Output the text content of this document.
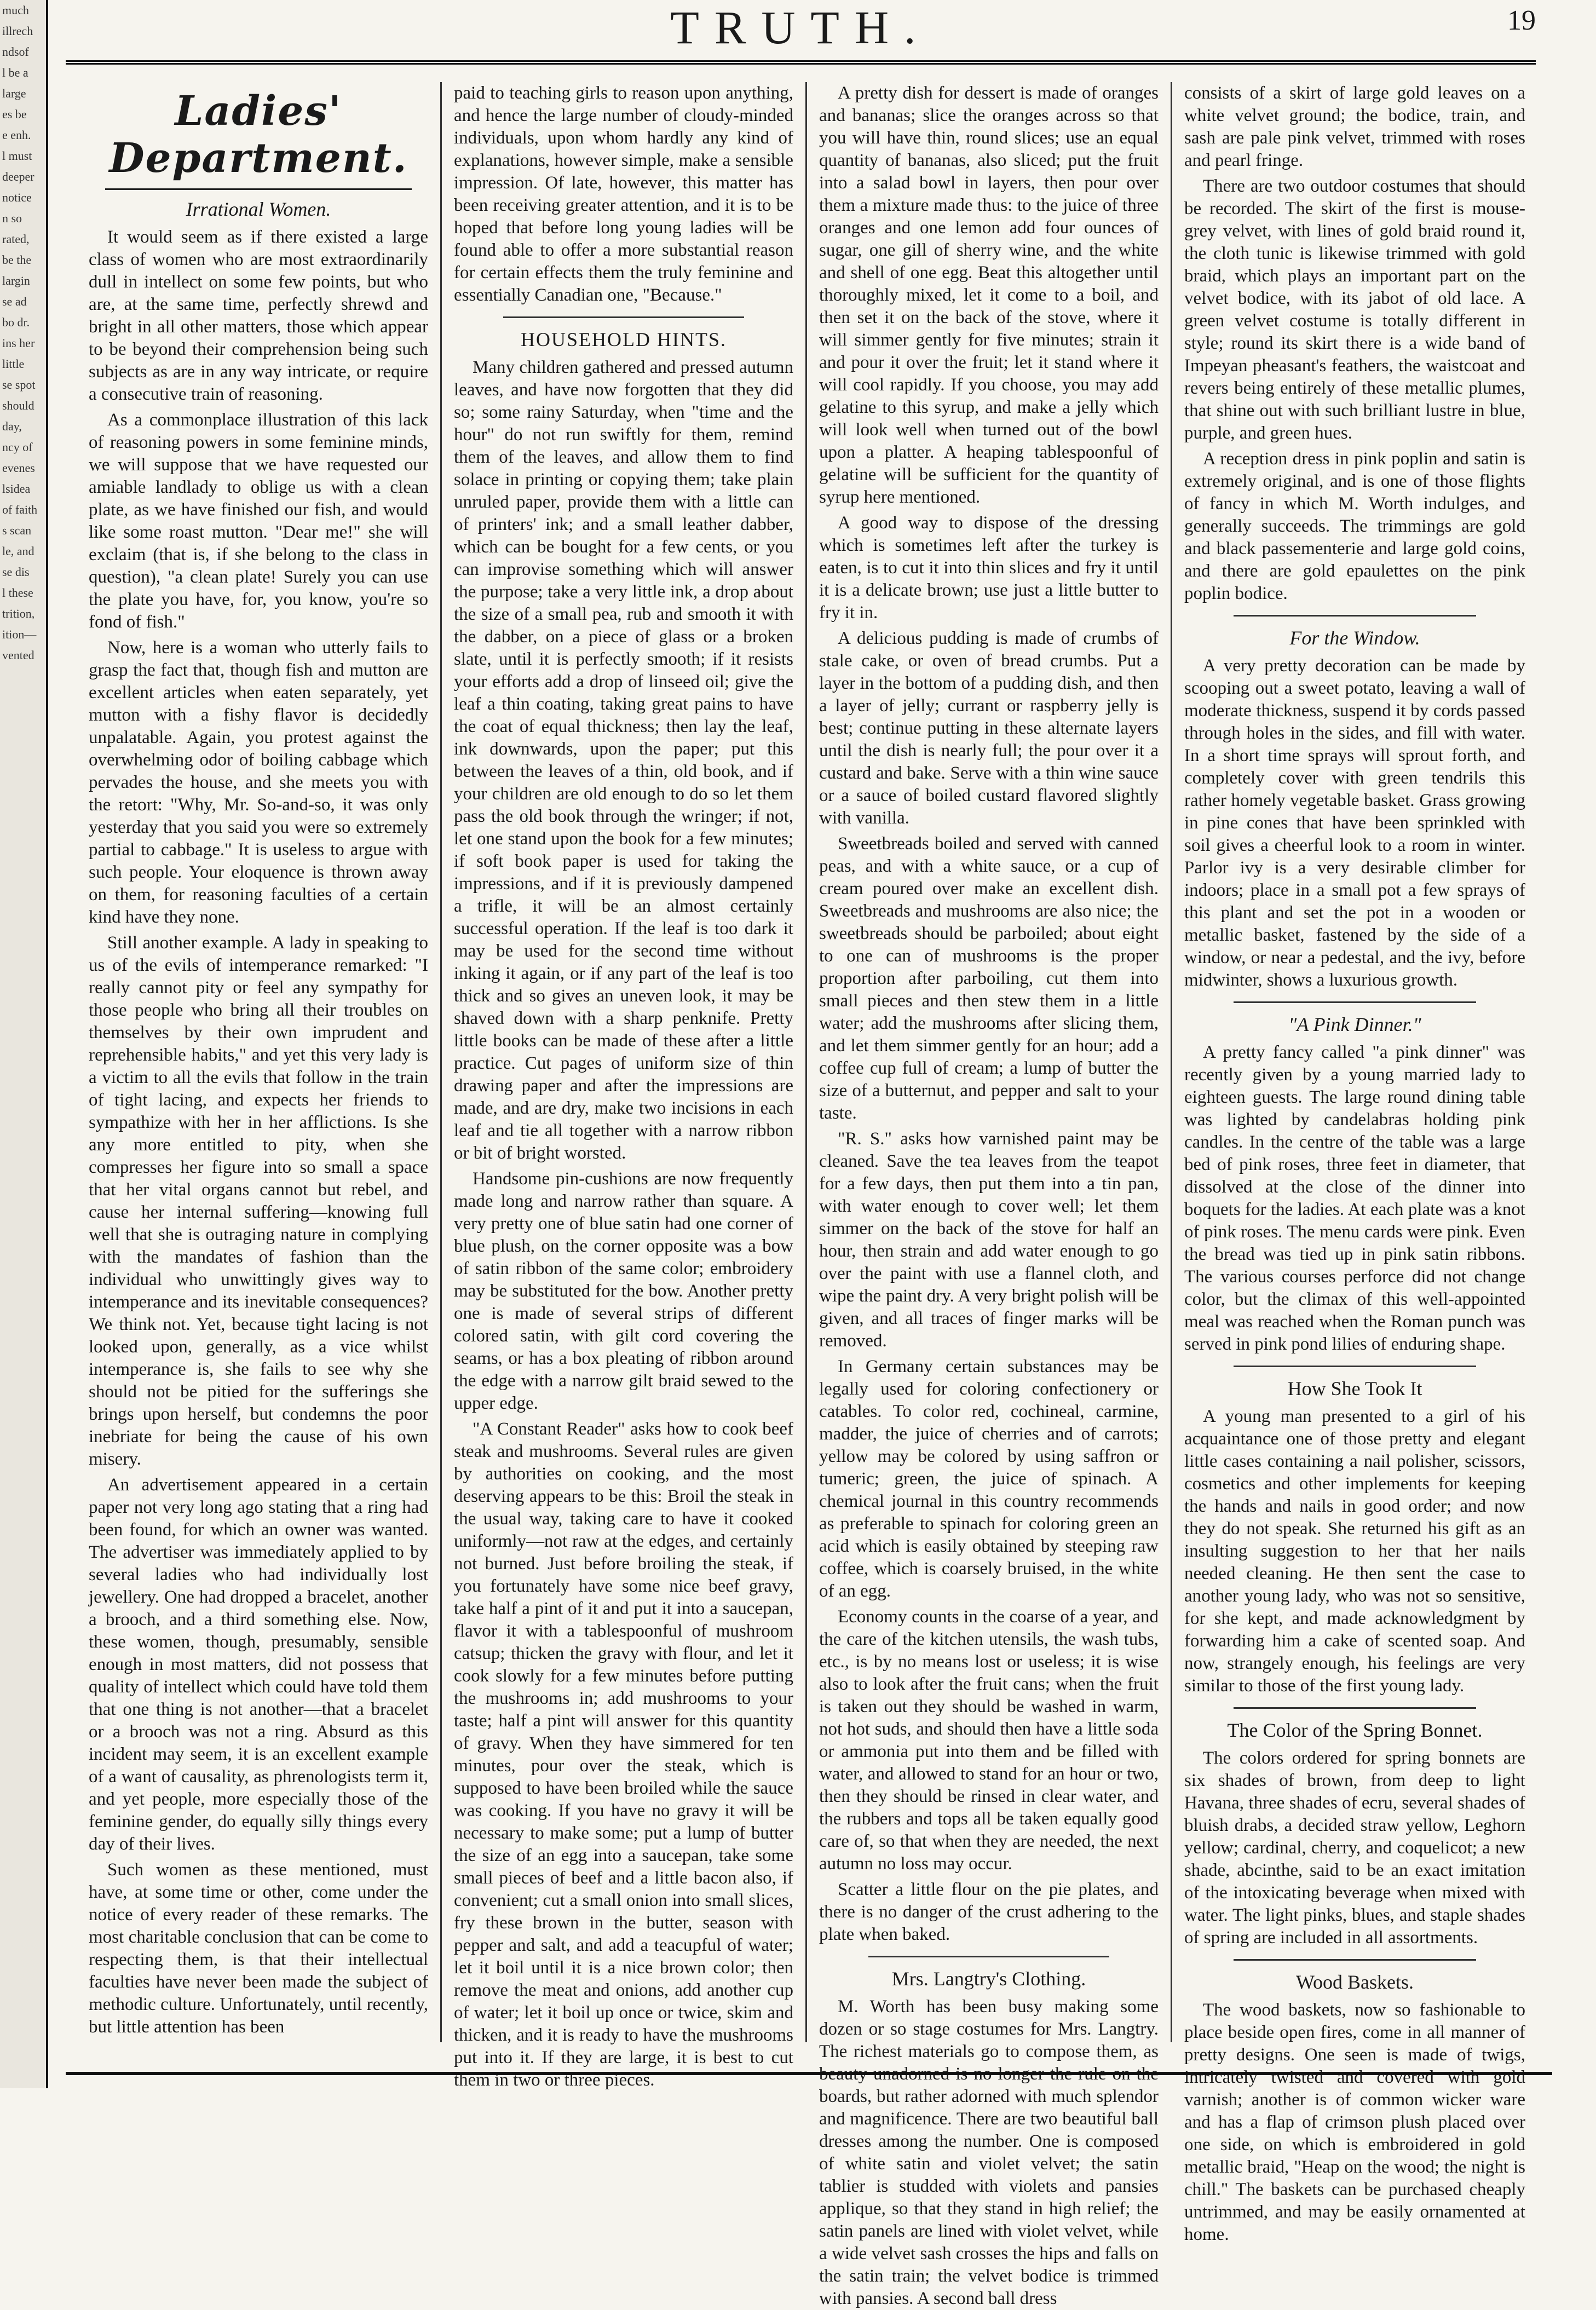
much
illrech
ndsof
l be a
large
es be
e enh.
l must
deeper
notice
n so
rated,
be the
largin
se ad
bo dr.
ins her
little
se spot
should
day,
ncy of
evenes
lsidea
of faith
s scan
le, and
se dis
l these
trition,
ition—
vented
TRUTH.	19
Ladies' Department.
Irrational Women.

It would seem as if there existed a large class of women who are most extraordinarily dull in intellect on some few points, but who are, at the same time, perfectly shrewd and bright in all other matters, those which appear to be beyond their comprehension being such subjects as are in any way intricate, or require a consecutive train of reasoning.

As a commonplace illustration of this lack of reasoning powers in some feminine minds, we will suppose that we have requested our amiable landlady to oblige us with a clean plate, as we have finished our fish, and would like some roast mutton. "Dear me!" she will exclaim (that is, if she belong to the class in question), "a clean plate! Surely you can use the plate you have, for, you know, you're so fond of fish."

Now, here is a woman who utterly fails to grasp the fact that, though fish and mutton are excellent articles when eaten separately, yet mutton with a fishy flavor is decidedly unpalatable. Again, you protest against the overwhelming odor of boiling cabbage which pervades the house, and she meets you with the retort: "Why, Mr. So-and-so, it was only yesterday that you said you were so extremely partial to cabbage." It is useless to argue with such people. Your eloquence is thrown away on them, for reasoning faculties of a certain kind have they none.

Still another example. A lady in speaking to us of the evils of intemperance remarked: "I really cannot pity or feel any sympathy for those people who bring all their troubles on themselves by their own imprudent and reprehensible habits," and yet this very lady is a victim to all the evils that follow in the train of tight lacing, and expects her friends to sympathize with her in her afflictions. Is she any more entitled to pity, when she compresses her figure into so small a space that her vital organs cannot but rebel, and cause her internal suffering—knowing full well that she is outraging nature in complying with the mandates of fashion than the individual who unwittingly gives way to intemperance and its inevitable consequences? We think not. Yet, because tight lacing is not looked upon, generally, as a vice whilst intemperance is, she fails to see why she should not be pitied for the sufferings she brings upon herself, but condemns the poor inebriate for being the cause of his own misery.

An advertisement appeared in a certain paper not very long ago stating that a ring had been found, for which an owner was wanted. The advertiser was immediately applied to by several ladies who had individually lost jewellery. One had dropped a bracelet, another a brooch, and a third something else. Now, these women, though, presumably, sensible enough in most matters, did not possess that quality of intellect which could have told them that one thing is not another—that a bracelet or a brooch was not a ring. Absurd as this incident may seem, it is an excellent example of a want of causality, as phrenologists term it, and yet people, more especially those of the feminine gender, do equally silly things every day of their lives.

Such women as these mentioned, must have, at some time or other, come under the notice of every reader of these remarks. The most charitable conclusion that can be come to respecting them, is that their intellectual faculties have never been made the subject of methodic culture. Unfortunately, until recently, but little attention has been

paid to teaching girls to reason upon anything, and hence the large number of cloudy-minded individuals, upon whom hardly any kind of explanations, however simple, make a sensible impression. Of late, however, this matter has been receiving greater attention, and it is to be hoped that before long young ladies will be found able to offer a more substantial reason for certain effects them the truly feminine and essentially Canadian one, "Because."

HOUSEHOLD HINTS.

Many children gathered and pressed autumn leaves, and have now forgotten that they did so; some rainy Saturday, when "time and the hour" do not run swiftly for them, remind them of the leaves, and allow them to find solace in printing or copying them; take plain unruled paper, provide them with a little can of printers' ink; and a small leather dabber, which can be bought for a few cents, or you can improvise something which will answer the purpose; take a very little ink, a drop about the size of a small pea, rub and smooth it with the dabber, on a piece of glass or a broken slate, until it is perfectly smooth; if it resists your efforts add a drop of linseed oil; give the leaf a thin coating, taking great pains to have the coat of equal thickness; then lay the leaf, ink downwards, upon the paper; put this between the leaves of a thin, old book, and if your children are old enough to do so let them pass the old book through the wringer; if not, let one stand upon the book for a few minutes; if soft book paper is used for taking the impressions, and if it is previously dampened a trifle, it will be an almost certainly successful operation. If the leaf is too dark it may be used for the second time without inking it again, or if any part of the leaf is too thick and so gives an uneven look, it may be shaved down with a sharp penknife. Pretty little books can be made of these after a little practice. Cut pages of uniform size of thin drawing paper and after the impressions are made, and are dry, make two incisions in each leaf and tie all together with a narrow ribbon or bit of bright worsted.

Handsome pin-cushions are now frequently made long and narrow rather than square. A very pretty one of blue satin had one corner of blue plush, on the corner opposite was a bow of satin ribbon of the same color; embroidery may be substituted for the bow. Another pretty one is made of several strips of different colored satin, with gilt cord covering the seams, or has a box pleating of ribbon around the edge with a narrow gilt braid sewed to the upper edge.

"A Constant Reader" asks how to cook beef steak and mushrooms. Several rules are given by authorities on cooking, and the most deserving appears to be this: Broil the steak in the usual way, taking care to have it cooked uniformly—not raw at the edges, and certainly not burned. Just before broiling the steak, if you fortunately have some nice beef gravy, take half a pint of it and put it into a saucepan, flavor it with a tablespoonful of mushroom catsup; thicken the gravy with flour, and let it cook slowly for a few minutes before putting the mushrooms in; add mushrooms to your taste; half a pint will answer for this quantity of gravy. When they have simmered for ten minutes, pour over the steak, which is supposed to have been broiled while the sauce was cooking. If you have no gravy it will be necessary to make some; put a lump of butter the size of an egg into a saucepan, take some small pieces of beef and a little bacon also, if convenient; cut a small onion into small slices, fry these brown in the butter, season with pepper and salt, and add a teacupful of water; let it boil until it is a nice brown color; then remove the meat and onions, add another cup of water; let it boil up once or twice, skim and thicken, and it is ready to have the mushrooms put into it. If they are large, it is best to cut them in two or three pieces.

A pretty dish for dessert is made of oranges and bananas; slice the oranges across so that you will have thin, round slices; use an equal quantity of bananas, also sliced; put the fruit into a salad bowl in layers, then pour over them a mixture made thus: to the juice of three oranges and one lemon add four ounces of sugar, one gill of sherry wine, and the white and shell of one egg. Beat this altogether until thoroughly mixed, let it come to a boil, and then set it on the back of the stove, where it will simmer gently for five minutes; strain it and pour it over the fruit; let it stand where it will cool rapidly. If you choose, you may add gelatine to this syrup, and make a jelly which will look well when turned out of the bowl upon a platter. A heaping tablespoonful of gelatine will be sufficient for the quantity of syrup here mentioned.

A good way to dispose of the dressing which is sometimes left after the turkey is eaten, is to cut it into thin slices and fry it until it is a delicate brown; use just a little butter to fry it in.

A delicious pudding is made of crumbs of stale cake, or oven of bread crumbs. Put a layer in the bottom of a pudding dish, and then a layer of jelly; currant or raspberry jelly is best; continue putting in these alternate layers until the dish is nearly full; the pour over it a custard and bake. Serve with a thin wine sauce or a sauce of boiled custard flavored slightly with vanilla.

Sweetbreads boiled and served with canned peas, and with a white sauce, or a cup of cream poured over make an excellent dish. Sweetbreads and mushrooms are also nice; the sweetbreads should be parboiled; about eight to one can of mushrooms is the proper proportion after parboiling, cut them into small pieces and then stew them in a little water; add the mushrooms after slicing them, and let them simmer gently for an hour; add a coffee cup full of cream; a lump of butter the size of a butternut, and pepper and salt to your taste.

"R. S." asks how varnished paint may be cleaned. Save the tea leaves from the teapot for a few days, then put them into a tin pan, with water enough to cover well; let them simmer on the back of the stove for half an hour, then strain and add water enough to go over the paint with use a flannel cloth, and wipe the paint dry. A very bright polish will be given, and all traces of finger marks will be removed.

In Germany certain substances may be legally used for coloring confectionery or catables. To color red, cochineal, carmine, madder, the juice of cherries and of carrots; yellow may be colored by using saffron or tumeric; green, the juice of spinach. A chemical journal in this country recommends as preferable to spinach for coloring green an acid which is easily obtained by steeping raw coffee, which is coarsely bruised, in the white of an egg.

Economy counts in the coarse of a year, and the care of the kitchen utensils, the wash tubs, etc., is by no means lost or useless; it is wise also to look after the fruit cans; when the fruit is taken out they should be washed in warm, not hot suds, and should then have a little soda or ammonia put into them and be filled with water, and allowed to stand for an hour or two, then they should be rinsed in clear water, and the rubbers and tops all be taken equally good care of, so that when they are needed, the next autumn no loss may occur.

Scatter a little flour on the pie plates, and there is no danger of the crust adhering to the plate when baked.

Mrs. Langtry's Clothing.

M. Worth has been busy making some dozen or so stage costumes for Mrs. Langtry. The richest materials go to compose them, as beauty unadorned is no longer the rule on the boards, but rather adorned with much splendor and magnificence. There are two beautiful ball dresses among the number. One is composed of white satin and violet velvet; the satin tablier is studded with violets and pansies applique, so that they stand in high relief; the satin panels are lined with violet velvet, while a wide velvet sash crosses the hips and falls on the satin train; the velvet bodice is trimmed with pansies. A second ball dress

consists of a skirt of large gold leaves on a white velvet ground; the bodice, train, and sash are pale pink velvet, trimmed with roses and pearl fringe.

There are two outdoor costumes that should be recorded. The skirt of the first is mouse-grey velvet, with lines of gold braid round it, the cloth tunic is likewise trimmed with gold braid, which plays an important part on the velvet bodice, with its jabot of old lace. A green velvet costume is totally different in style; round its skirt there is a wide band of Impeyan pheasant's feathers, the waistcoat and revers being entirely of these metallic plumes, that shine out with such brilliant lustre in blue, purple, and green hues.

A reception dress in pink poplin and satin is extremely original, and is one of those flights of fancy in which M. Worth indulges, and generally succeeds. The trimmings are gold and black passementerie and large gold coins, and there are gold epaulettes on the pink poplin bodice.

For the Window.

A very pretty decoration can be made by scooping out a sweet potato, leaving a wall of moderate thickness, suspend it by cords passed through holes in the sides, and fill with water. In a short time sprays will sprout forth, and completely cover with green tendrils this rather homely vegetable basket. Grass growing in pine cones that have been sprinkled with soil gives a cheerful look to a room in winter. Parlor ivy is a very desirable climber for indoors; place in a small pot a few sprays of this plant and set the pot in a wooden or metallic basket, fastened by the side of a window, or near a pedestal, and the ivy, before midwinter, shows a luxurious growth.

"A Pink Dinner."

A pretty fancy called "a pink dinner" was recently given by a young married lady to eighteen guests. The large round dining table was lighted by candelabras holding pink candles. In the centre of the table was a large bed of pink roses, three feet in diameter, that dissolved at the close of the dinner into boquets for the ladies. At each plate was a knot of pink roses. The menu cards were pink. Even the bread was tied up in pink satin ribbons. The various courses perforce did not change color, but the climax of this well-appointed meal was reached when the Roman punch was served in pink pond lilies of enduring shape.

How She Took It

A young man presented to a girl of his acquaintance one of those pretty and elegant little cases containing a nail polisher, scissors, cosmetics and other implements for keeping the hands and nails in good order; and now they do not speak. She returned his gift as an insulting suggestion to her that her nails needed cleaning. He then sent the case to another young lady, who was not so sensitive, for she kept, and made acknowledgment by forwarding him a cake of scented soap. And now, strangely enough, his feelings are very similar to those of the first young lady.

The Color of the Spring Bonnet.

The colors ordered for spring bonnets are six shades of brown, from deep to light Havana, three shades of ecru, several shades of bluish drabs, a decided straw yellow, Leghorn yellow; cardinal, cherry, and coquelicot; a new shade, abcinthe, said to be an exact imitation of the intoxicating beverage when mixed with water. The light pinks, blues, and staple shades of spring are included in all assortments.

Wood Baskets.

The wood baskets, now so fashionable to place beside open fires, come in all manner of pretty designs. One seen is made of twigs, intricately twisted and covered with gold varnish; another is of common wicker ware and has a flap of crimson plush placed over one side, on which is embroidered in gold metallic braid, "Heap on the wood; the night is chill." The baskets can be purchased cheaply untrimmed, and may be easily ornamented at home.
